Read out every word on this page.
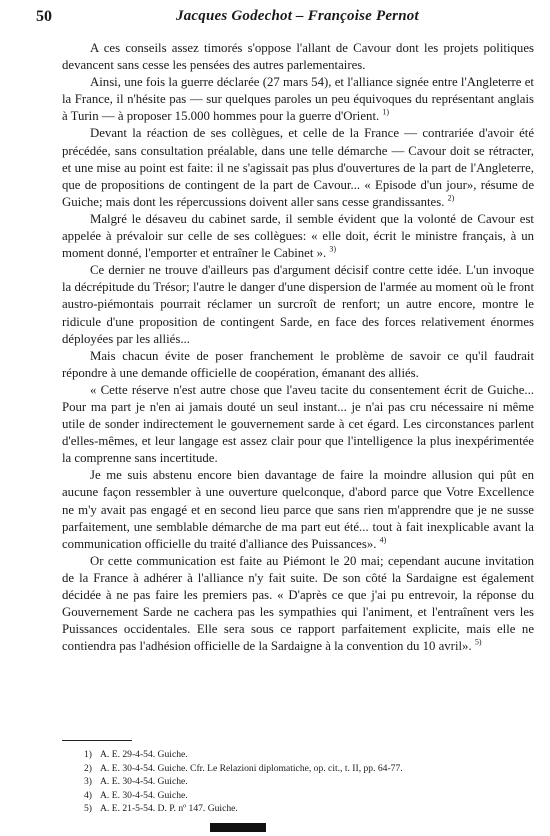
50	Jacques Godechot – Françoise Pernot

A ces conseils assez timorés s'oppose l'allant de Cavour dont les projets politiques devancent sans cesse les pensées des autres parlementaires.

Ainsi, une fois la guerre déclarée (27 mars 54), et l'alliance signée entre l'Angleterre et la France, il n'hésite pas — sur quelques paroles un peu équivoques du représentant anglais à Turin — à proposer 15.000 hommes pour la guerre d'Orient. $^{1)}$

Devant la réaction de ses collègues, et celle de la France — contrariée d'avoir été précédée, sans consultation préalable, dans une telle démarche — Cavour doit se rétracter, et une mise au point est faite: il ne s'agissait pas plus d'ouvertures de la part de l'Angleterre, que de propositions de contingent de la part de Cavour... « Episode d'un jour», résume de Guiche; mais dont les répercussions doivent aller sans cesse grandissantes. $^{2)}$

Malgré le désaveu du cabinet sarde, il semble évident que la volonté de Cavour est appelée à prévaloir sur celle de ses collègues: « elle doit, écrit le ministre français, à un moment donné, l'emporter et entraîner le Cabinet ». $^{3)}$

Ce dernier ne trouve d'ailleurs pas d'argument décisif contre cette idée. L'un invoque la décrépitude du Trésor; l'autre le danger d'une dispersion de l'armée au moment où le front austro-piémontais pourrait réclamer un surcroît de renfort; un autre encore, montre le ridicule d'une proposition de contingent Sarde, en face des forces relativement énormes déployées par les alliés...

Mais chacun évite de poser franchement le problème de savoir ce qu'il faudrait répondre à une demande officielle de coopération, émanant des alliés.

« Cette réserve n'est autre chose que l'aveu tacite du consentement écrit de Guiche... Pour ma part je n'en ai jamais douté un seul instant... je n'ai pas cru nécessaire ni même utile de sonder indirectement le gouvernement sarde à cet égard. Les circonstances parlent d'elles-mêmes, et leur langage est assez clair pour que l'intelligence la plus inexpérimentée la comprenne sans incertitude.

Je me suis abstenu encore bien davantage de faire la moindre allusion qui pût en aucune façon ressembler à une ouverture quelconque, d'abord parce que Votre Excellence ne m'y avait pas engagé et en second lieu parce que sans rien m'apprendre que je ne susse parfaitement, une semblable démarche de ma part eut été... tout à fait inexplicable avant la communication officielle du traité d'alliance des Puissances». $^{4)}$

Or cette communication est faite au Piémont le 20 mai; cependant aucune invitation de la France à adhérer à l'alliance n'y fait suite. De son côté la Sardaigne est également décidée à ne pas faire les premiers pas. « D'après ce que j'ai pu entrevoir, la réponse du Gouvernement Sarde ne cachera pas les sympathies qui l'animent, et l'entraînent vers les Puissances occidentales. Elle sera sous ce rapport parfaitement explicite, mais elle ne contiendra pas l'adhésion officielle de la Sardaigne à la convention du 10 avril». $^{5)}$

1) A. E. 29-4-54. Guiche.
2) A. E. 30-4-54. Guiche. Cfr. Le Relazioni diplomatiche, op. cit., t. II, pp. 64-77.
3) A. E. 30-4-54. Guiche.
4) A. E. 30-4-54. Guiche.
5) A. E. 21-5-54. D. P. nº 147. Guiche.
